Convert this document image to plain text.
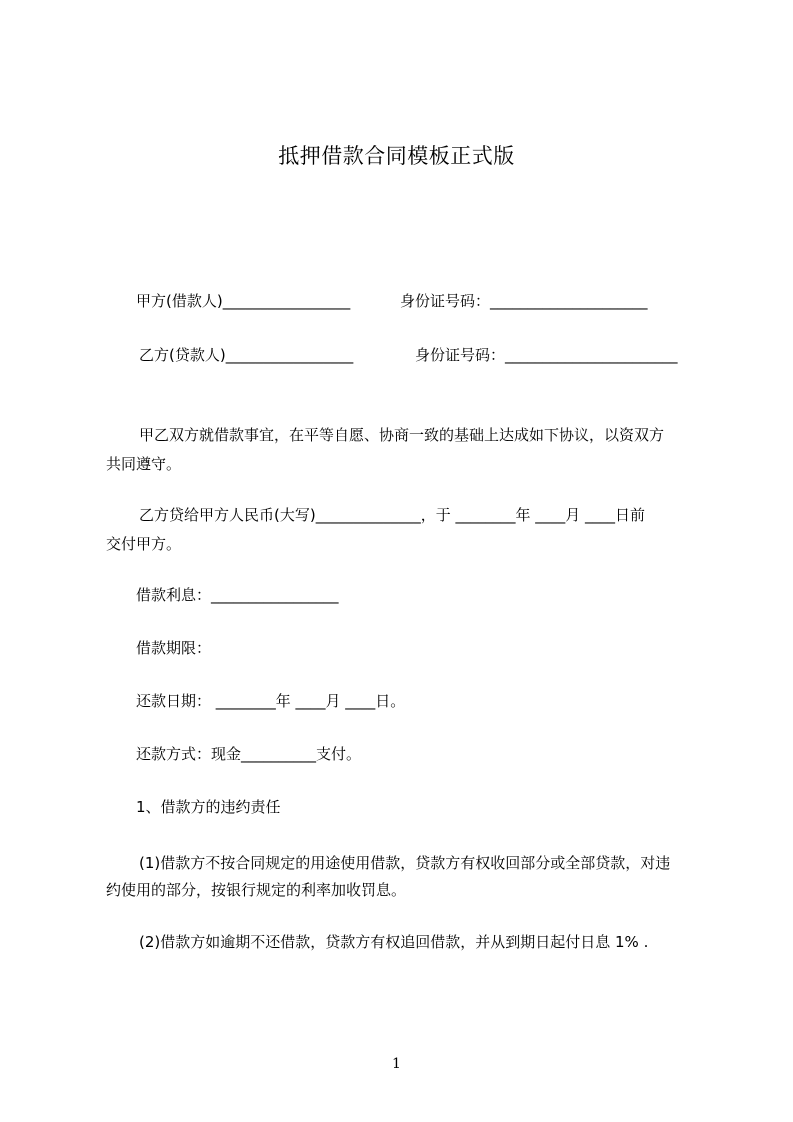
抵押借款合同模板正式版
甲方(借款人)_________________	身份证号码：_____________________
乙方(贷款人)_________________	身份证号码：_______________________
甲乙双方就借款事宜，在平等自愿、协商一致的基础上达成如下协议，以资双方
共同遵守。
乙方贷给甲方人民币(大写)______________，于 ________年 ____月 ____日前
交付甲方。
借款利息：_________________
借款期限：
还款日期： ________年 ____月 ____日。
还款方式：现金__________支付。
1、借款方的违约责任
(1)借款方不按合同规定的用途使用借款，贷款方有权收回部分或全部贷款，对违
约使用的部分，按银行规定的利率加收罚息。
(2)借款方如逾期不还借款，贷款方有权追回借款，并从到期日起付日息 1% .
1
